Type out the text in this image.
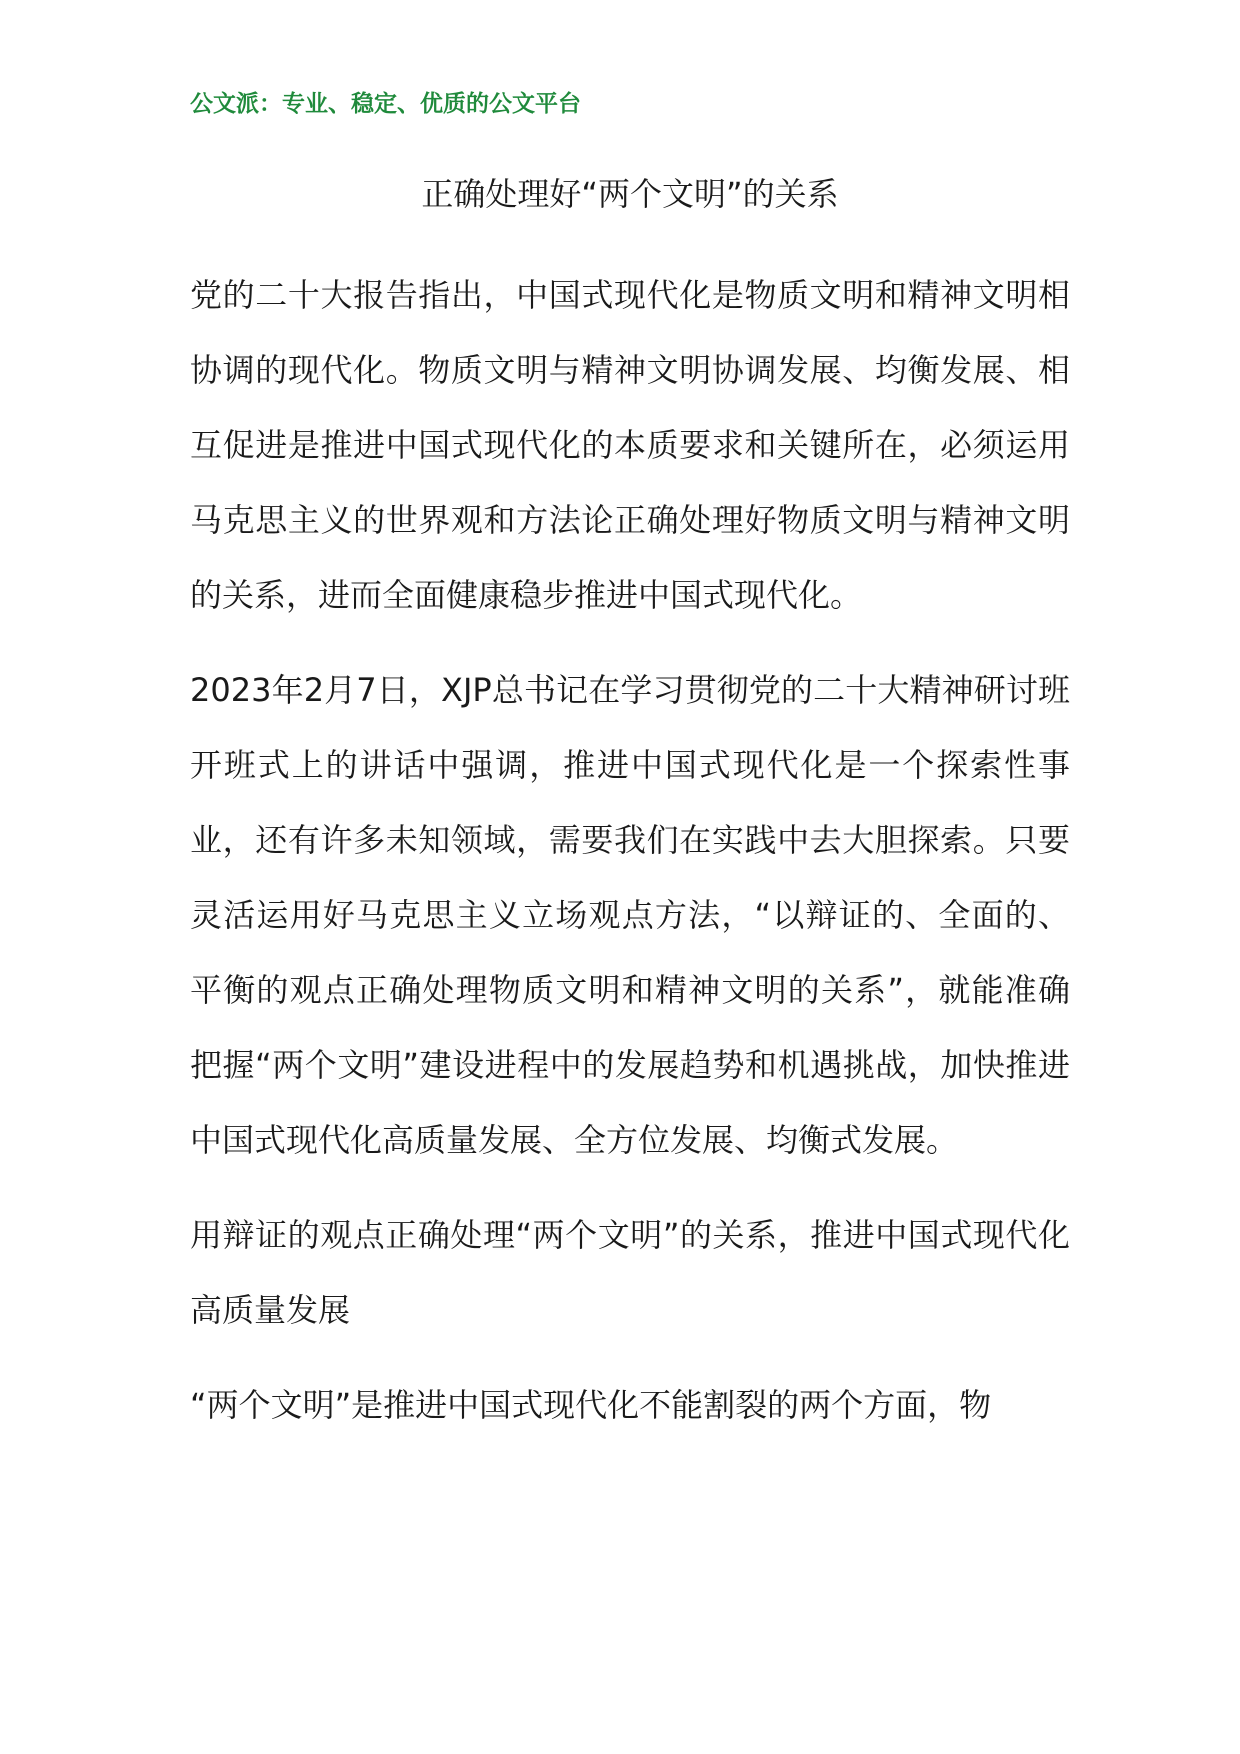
公文派：专业、稳定、优质的公文平台
正确处理好“两个文明”的关系

党的二十大报告指出，中国式现代化是物质文明和精神文明相协调的现代化。物质文明与精神文明协调发展、均衡发展、相互促进是推进中国式现代化的本质要求和关键所在，必须运用马克思主义的世界观和方法论正确处理好物质文明与精神文明的关系，进而全面健康稳步推进中国式现代化。

2023年2月7日，XJP总书记在学习贯彻党的二十大精神研讨班开班式上的讲话中强调，推进中国式现代化是一个探索性事业，还有许多未知领域，需要我们在实践中去大胆探索。只要灵活运用好马克思主义立场观点方法，“以辩证的、全面的、平衡的观点正确处理物质文明和精神文明的关系”，就能准确把握“两个文明”建设进程中的发展趋势和机遇挑战，加快推进中国式现代化高质量发展、全方位发展、均衡式发展。

用辩证的观点正确处理“两个文明”的关系，推进中国式现代化高质量发展

“两个文明”是推进中国式现代化不能割裂的两个方面，物
